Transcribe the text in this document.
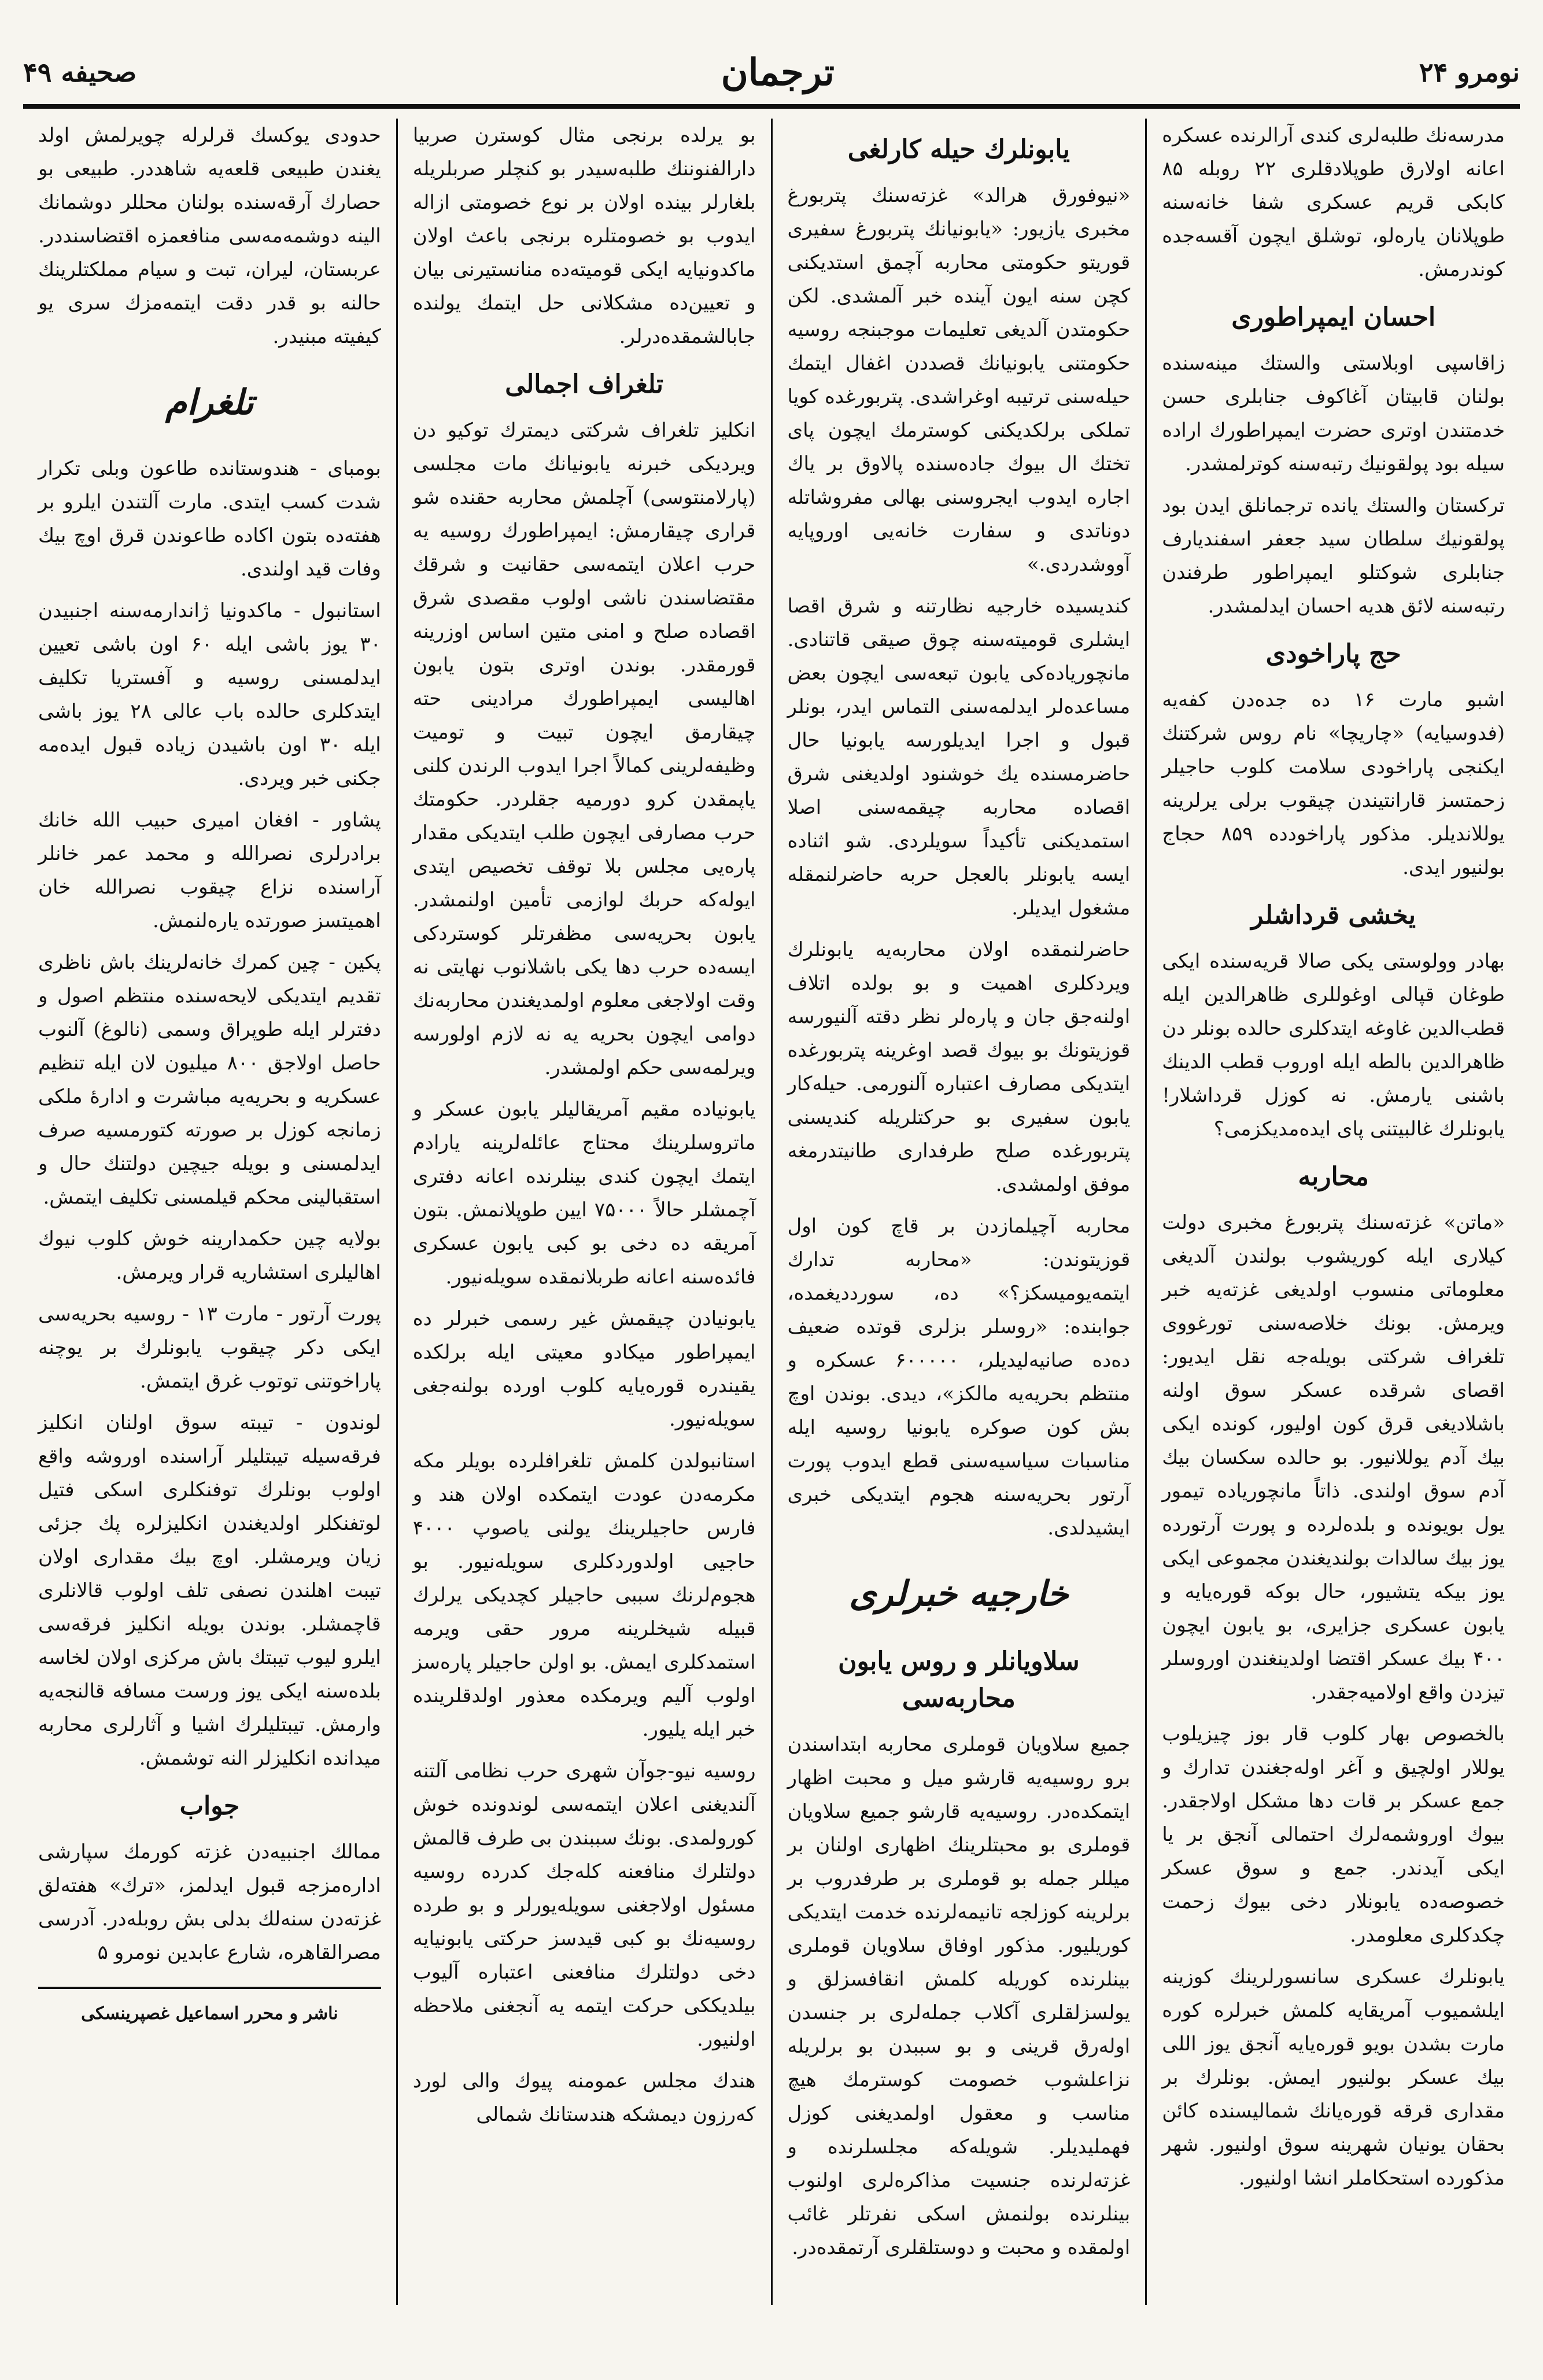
نومرو ۲۴
ترجمان
صحيفه ۴۹

مدرسه‌نك طلبه‌لرى كندى آرالرنده عسكره اعانه اولارق طوپلادقلرى ۲۲ روبله ۸۵ كابكى قريم عسكرى شفا خانه‌سنه طوپلانان يارەلو، توشلق ايچون آقسه‌جده كوندرمش.

احسان ايمپراطورى

زاقاسپى اوبلاستى والستك مينه‌سنده بولنان قابيتان آغاكوف جنابلرى حسن خدمتندن اوترى حضرت ايمپراطورك اراده سيله بود پولقونيك رتبه‌سنه كوترلمشدر.

تركستان والستك يانده ترجمانلق ايدن بود پولقونيك سلطان سيد جعفر اسفنديارف جنابلرى شوكتلو ايمپراطور طرفندن رتبه‌سنه لائق هديه احسان ايدلمشدر.

حج پاراخودى

اشبو مارت ۱۶ ده جده‌دن كفه‌يه (فدوسيايه) «چاريچا» نام روس شركتنك ايكنجى پاراخودى سلامت كلوب حاجيلر زحمتسز قارانتيندن چيقوب برلى يرلرينه يوللانديلر. مذكور پاراخودده ۸۵۹ حجاج بولنيور ايدى.

يخشى قرداشلر

بهادر وولوستى يكى صالا قريه‌سنده ايكى طوغان قپالى اوغوللرى ظاهرالدين ايله قطب‌الدين غاوغه ايتدكلرى حالده بونلر دن ظاهرالدين بالطه ايله اوروب قطب الدينك باشنى يارمش. نه كوزل قرداشلار! يابونلرك غالبيتنى پاى ايده‌مديكزمى؟

محاربه

«ماتن» غزته‌سنك پتربورغ مخبرى دولت كيلارى ايله كوريشوب بولندن آلديغى معلوماتى منسوب اولديغى غزته‌يه خبر ويرمش. بونك خلاصه‌سنى تورغووى تلغراف شركتى بويله‌جه نقل ايديور: اقصاى شرقده عسكر سوق اولنه باشلاديغى قرق كون اوليور، كونده ايكى بيك آدم يوللانيور. بو حالده سكسان بيك آدم سوق اولندى. ذاتاً مانچورياده تيمور يول بويونده و بلدەلرده و پورت آرتورده يوز بيك سالدات بولنديغندن مجموعى ايكى يوز بيكه يتشيور، حال بوكه قورەيايه و يابون عسكرى جزايرى، بو يابون ايچون ۴۰۰ بيك عسكر اقتضا اولدينغندن اوروسلر تيزدن واقع اولاميه‌جقدر.

بالخصوص بهار كلوب قار بوز چيزيلوب يوللار اولچيق و آغر اولەجغندن تدارك و جمع عسكر بر قات دها مشكل اولاجقدر. بيوك اوروشمه‌لرك احتمالى آنجق بر يا ايكى آيدندر. جمع و سوق عسكر خصوصه‌ده يابونلار دخى بيوك زحمت چكدكلرى معلومدر.

يابونلرك عسكرى سانسورلرينك كوزينه ايلشميوب آمريقايه كلمش خبرلره كوره مارت بشدن بويو قورەيايه آنجق يوز اللى بيك عسكر بولنيور ايمش. بونلرك بر مقدارى قرقه قورەيانك شماليسنده كائن بحقان يونيان شهرينه سوق اولنيور. شهر مذكورده استحكاملر انشا اولنيور.

يابونلرك حيله كارلغى

«نيوفورق هرالد» غزته‌سنك پتربورغ مخبرى يازيور: «يابونيانك پتربورغ سفيرى قوريتو حكومتى محاربه آچمق استديكنى كچن سنه ايون آينده خبر آلمشدى. لكن حكومتدن آلديغى تعليمات موجبنجه روسيه حكومتنى يابونيانك قصددن اغفال ايتمك حيله‌سنى ترتيبه اوغراشدى. پتربورغده كويا تملكى برلكديكنى كوسترمك ايچون پاى تختك ال بيوك جاده‌سنده پالاوق بر ياك اجاره ايدوب ايجروسنى بهالى مفروشاتله دوناتدى و سفارت خانه‌يى اوروپايه آووشدردى.»

كنديسيده خارجيه نظارتنه و شرق اقصا ايشلرى قوميته‌سنه چوق صيقى قاتنادى. مانچوريادەكى يابون تبعه‌سى ايچون بعض مساعدەلر ايدلمه‌سنى التماس ايدر، بونلر قبول و اجرا ايديلورسه يابونيا حال حاضرمسنده يك خوشنود اولديغنى شرق اقصاده محاربه چيقمه‌سنى اصلا استمديكنى تأكيداً سويلردى. شو اثناده ايسه يابونلر بالعجل حربه حاضرلنمقله مشغول ايديلر.

حاضرلنمقده اولان محاربه‌يه يابونلرك ويردكلرى اهميت و بو بولده اتلاف اولنه‌جق جان و پارەلر نظر دقته آلنيورسه قوزيتونك بو بيوك قصد اوغرينه پتربورغده ايتديكى مصارف اعتباره آلنورمى. حيله‌كار يابون سفيرى بو حركتلريله كنديسنى پتربورغده صلح طرفدارى طانيتدرمغه موفق اولمشدى.

محاربه آچيلمازدن بر قاچ كون اول قوزيتوندن: «محاربه تدارك ايتمه‌يوميسكز؟» ده، سوردديغمده، جوابنده: «روسلر بزلرى قوتده ضعيف دەده صانيه‌ليديلر، ۶۰۰۰۰۰ عسكره و منتظم بحريه‌يه مالكز»، ديدى. بوندن اوچ بش كون صوكره يابونيا روسيه ايله مناسبات سياسيه‌سنى قطع ايدوب پورت آرتور بحريه‌سنه هجوم ايتديكى خبرى ايشيدلدى.

خارجيه خبرلرى
سلاويانلر و روس يابون محاربه‌سى

جميع سلاويان قوملرى محاربه ابتداسندن برو روسيه‌يه قارشو ميل و محبت اظهار ايتمكده‌در. روسيه‌يه قارشو جميع سلاويان قوملرى بو محبتلرينك اظهارى اولنان بر ميللر جمله بو قوملرى بر طرفدروب بر برلرينه كوزلجه تانيمه‌لرنده خدمت ايتديكى كوريليور. مذكور اوفاق سلاويان قوملرى بينلرنده كوريله كلمش انقافسزلق و يولسزلقلرى آكلاب جمله‌لرى بر جنسدن اوله‌رق قرينى و بو سببدن بو برلريله نزاعلشوب خصومت كوسترمك هيچ مناسب و معقول اولمديغنى كوزل فهمليديلر. شويله‌كه مجلسلرنده و غزته‌لرنده جنسيت مذاكره‌لرى اولنوب بينلرنده بولنمش اسكى نفرتلر غائب اولمقده و محبت و دوستلقلرى آرتمقده‌در.

بو يرلده برنجى مثال كوسترن صربيا دارالفنوننك طلبه‌سيدر بو كنچلر صربلريله بلغارلر بينده اولان بر نوع خصومتى ازاله ايدوب بو خصومتلره برنجى باعث اولان ماكدونيايه ايكى قوميته‌ده منانستيرنى بيان و تعيين‌ده مشكلانى حل ايتمك يولنده جابالشمقده‌درلر.

تلغراف اجمالى

انكليز تلغراف شركتى ديمترك توكيو دن ويرديكى خبرنه يابونيانك مات مجلسى (پارلامنتوسى) آچلمش محاربه حقنده شو قرارى چيقارمش: ايمپراطورك روسيه يه حرب اعلان ايتمه‌سى حقانيت و شرقك مقتضاسندن ناشى اولوب مقصدى شرق اقصاده صلح و امنى متين اساس اوزرينه قورمقدر. بوندن اوترى بتون يابون اهاليسى ايمپراطورك مرادينى حته چيقارمق ايچون تبيت و توميت وظيفه‌لرينى كمالاً اجرا ايدوب الرندن كلنى ياپمقدن كرو دورميه جقلردر. حكومتك حرب مصارفى ايچون طلب ايتديكى مقدار پارەيى مجلس بلا توقف تخصيص ايتدى ايوله‌كه حربك لوازمى تأمين اولنمشدر. يابون بحريه‌سى مظفرتلر كوستردكى ايسه‌ده حرب دها يكى باشلانوب نهايتى نه وقت اولاجغى معلوم اولمديغندن محاربه‌نك دوامى ايچون بحريه يه نه لازم اولورسه ويرلمه‌سى حكم اولمشدر.

يابونياده مقيم آمريقاليلر يابون عسكر و ماتروسلرينك محتاج عائله‌لرينه يارادم ايتمك ايچون كندى بينلرنده اعانه دفترى آچمشلر حالاً ۷۵۰۰۰ ايين طوپلانمش. بتون آمريقه ده دخى بو كبى يابون عسكرى فائده‌سنه اعانه طربلانمقده سويله‌نيور.

يابونيادن چيقمش غير رسمى خبرلر ده ايمپراطور ميكادو معيتى ايله برلكده يقيندره قورەيايه كلوب اورده بولنه‌جغى سويله‌نيور.

استانبولدن كلمش تلغرافلرده بويلر مكە مكرمەدن عودت ايتمكده اولان هند و فارس حاجيلرينك يولنى ياصوپ ۴۰۰۰ حاجيى اولدوردكلرى سويله‌نيور. بو هجوم‌لرنك سببى حاجيلر كچديكى يرلرك قبيله شيخلرينه مرور حقى ويرمه استمدكلرى ايمش. بو اولن حاجيلر پارەسز اولوب آليم ويرمكده معذور اولدقلرينده خبر ايله يليور.

روسيه نيو-جوآن شهرى حرب نظامى آلتنه آلنديغنى اعلان ايتمه‌سى لوندونده خوش كورولمدى. بونك سببندن بى طرف قالمش دولتلرك منافعنه كله‌جك كدرده روسيه مسئول اولاجغنى سويله‌يورلر و بو طرده روسيه‌نك بو كبى قيدسز حركتى يابونيايه دخى دولتلرك منافعنى اعتباره آليوب بيلديككى حركت ايتمه يه آنجغنى ملاحظه اولنيور.

هندك مجلس عمومنه پيوك والى لورد كەرزون ديمشكه هندستانك شمالى

حدودى يوكسك قرلرله چويرلمش اولد يغندن طبيعى قلعه‌يه شاهددر. طبيعى بو حصارك آرقه‌سنده بولنان محللر دوشمانك الينه دوشمه‌مه‌سى منافعمزه اقتضاسنددر. عربستان، ليران، تبت و سيام مملكتلرينك حالنه بو قدر دقت ايتمه‌مزك سرى يو كيفيته مبنيدر.

تلغرام

بومباى - هندوستانده طاعون وبلى تكرار شدت كسب ايتدى. مارت آلتندن ايلرو بر هفته‌ده بتون اكاده طاعوندن قرق اوچ بيك وفات قيد اولندى.

استانبول - ماكدونيا ژاندارمه‌سنه اجنبيدن ۳۰ يوز باشى ايله ۶۰ اون باشى تعيين ايدلمسنى روسيه و آفستريا تكليف ايتدكلرى حالده باب عالى ۲۸ يوز باشى ايله ۳۰ اون باشيدن زياده قبول ايده‌مه جكنى خبر ويردى.

پشاور - افغان اميرى حبيب الله خانك برادرلرى نصرالله و محمد عمر خانلر آراسنده نزاع چيقوب نصرالله خان اهميتسز صورتده ياره‌لنمش.

پكين - چين كمرك خانه‌لرينك باش ناظرى تقديم ايتديكى لايحه‌سنده منتظم اصول و دفترلر ايله طوپراق وسمى (نالوغ) آلنوب حاصل اولاجق ۸۰۰ ميليون لان ايله تنظيم عسكريه و بحريه‌يه مباشرت و ادارهٔ ملكى زمانجه كوزل بر صورته كتورمسيه صرف ايدلمسنى و بويله جيچين دولتنك حال و استقبالينى محكم قيلمسنى تكليف ايتمش.

بولايه چين حكمدارينه خوش كلوب نيوك اهاليلرى استشاريه قرار ويرمش.

پورت آرتور - مارت ۱۳ - روسيه بحريه‌سى ايكى دكر چيقوب يابونلرك بر يوچنه پاراخوتنى توتوب غرق ايتمش.

لوندون - تيبته سوق اولنان انكليز فرقه‌سيله تيبتليلر آراسنده اوروشه واقع اولوب بونلرك توفنكلرى اسكى فتيل لوتفنكلر اولديغندن انكليزلره پك جزئى زيان ويرمشلر. اوچ بيك مقدارى اولان تيبت اهلندن نصفى تلف اولوب قالانلرى قاچمشلر. بوندن بويله انكليز فرقه‌سى ايلرو ليوب تيبتك باش مركزى اولان لخاسه بلده‌سنه ايكى يوز ورست مسافه قالنجه‌يه وارمش. تيبتليلرك اشيا و آثارلرى محاربه ميدانده انكليزلر النه توشمش.

جواب

ممالك اجنبيه‌دن غزته كورمك سپارشى ادارەمزجه قبول ايدلمز، «ترك» هفته‌لق غزته‌دن سنه‌لك بدلى بش روبله‌در. آدرسى مصرالقاهره، شارع عابدين نومرو ۵

ناشر و محرر اسماعيل غصپرينسكى
